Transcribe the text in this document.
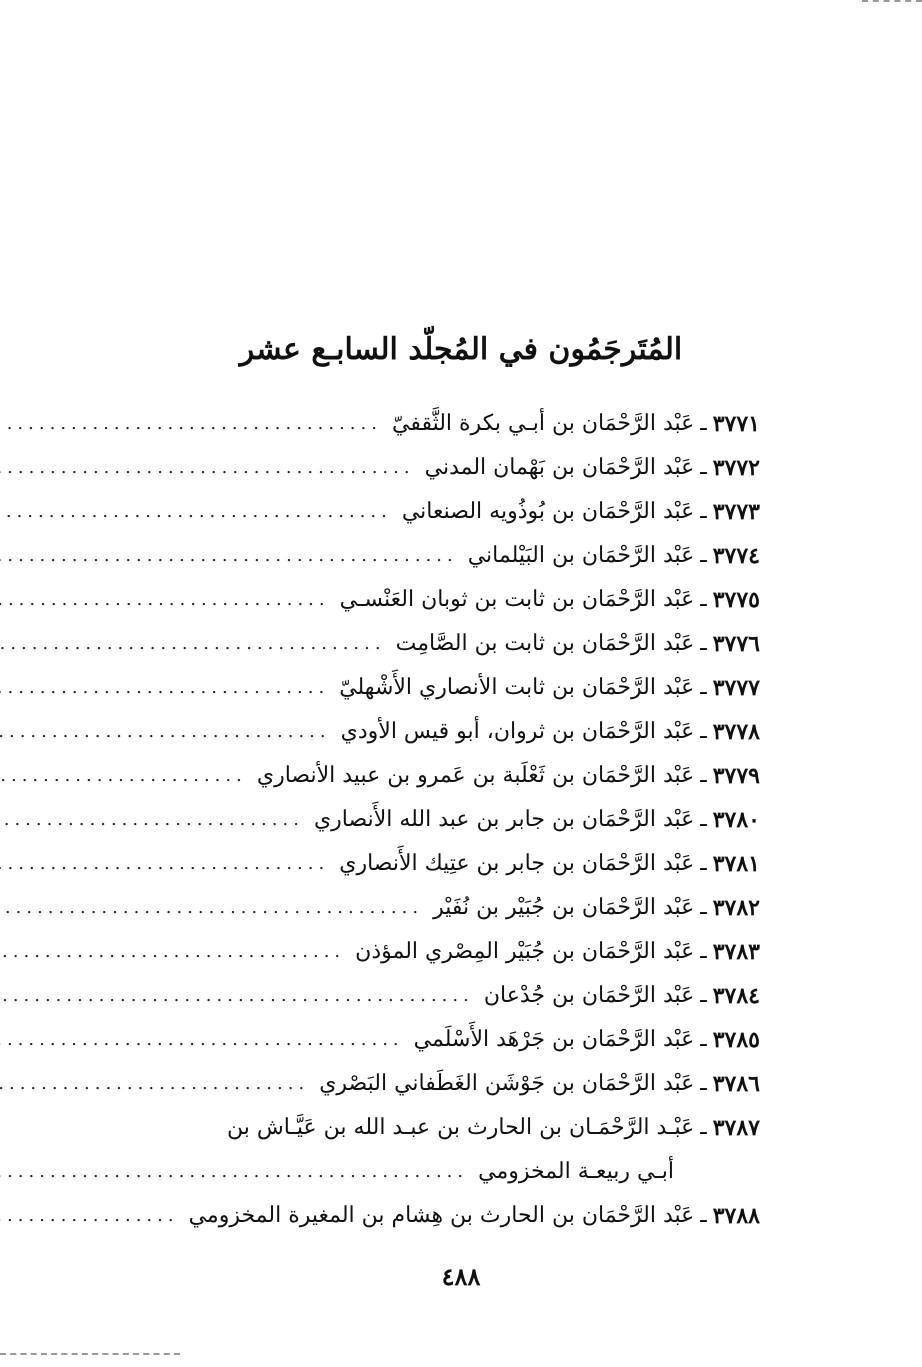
المُتَرجَمُون في المُجلّد السابـع عشر
٣٧٧١
ـ
عَبْد الرَّحْمَان بن أبـي بكرة الثَّقفيّ
.....
٣٧٧٢
ـ
عَبْد الرَّحْمَان بن بَهْمان المدني
.....
٣٧٧٣
ـ
عَبْد الرَّحْمَان بن بُوذُويه الصنعاني
.....
٣٧٧٤
ـ
عَبْد الرَّحْمَان بن البَيْلماني
.....
٣٧٧٥
ـ
عَبْد الرَّحْمَان بن ثابت بن ثوبان العَنْسـي
.....
٣٧٧٦
ـ
عَبْد الرَّحْمَان بن ثابت بن الصَّامِت
.....
٣٧٧٧
ـ
عَبْد الرَّحْمَان بن ثابت الأنصاري الأَشْهليّ
.....
٣٧٧٨
ـ
عَبْد الرَّحْمَان بن ثروان، أبو قيس الأودي
.....
٣٧٧٩
ـ
عَبْد الرَّحْمَان بن ثَعْلَبة بن عَمرو بن عبيد الأنصاري
.....
٣٧٨٠
ـ
عَبْد الرَّحْمَان بن جابر بن عبد الله الأَنصاري
.....
٣٧٨١
ـ
عَبْد الرَّحْمَان بن جابر بن عتِيك الأَنصاري
.....
٣٧٨٢
ـ
عَبْد الرَّحْمَان بن جُبَيْر بن نُفَيْر
.....
٣٧٨٣
ـ
عَبْد الرَّحْمَان بن جُبَيْر المِصْري المؤذن
.....
٣٧٨٤
ـ
عَبْد الرَّحْمَان بن جُدْعان
.....
٣٧٨٥
ـ
عَبْد الرَّحْمَان بن جَرْهَد الأَسْلَمي
.....
٣٧٨٦
ـ
عَبْد الرَّحْمَان بن جَوْشَن الغَطَفاني البَصْري
.....
٣٧٨٧
ـ
عَبْـد الرَّحْمَـان بن الحارث بن عبـد الله بن عَيَّـاش بن
أبـي ربيعـة المخزومي
.....
٣٧٨٨
ـ
عَبْد الرَّحْمَان بن الحارث بن هِشام بن المغيرة المخزومي
.....
٤٨٨
